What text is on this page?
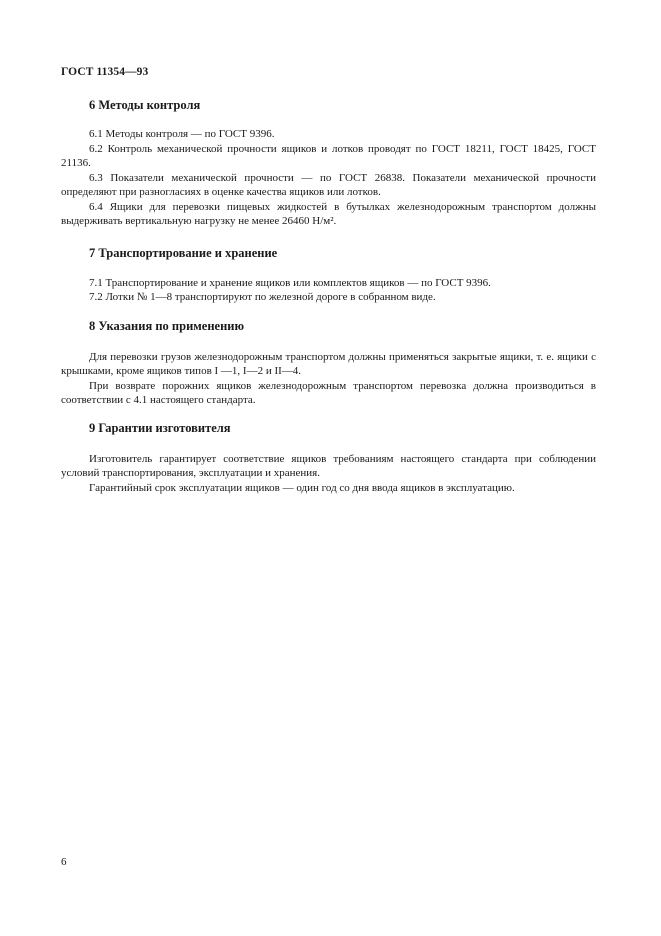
ГОСТ 11354—93
6 Методы контроля

6.1 Методы контроля — по ГОСТ 9396.

6.2 Контроль механической прочности ящиков и лотков проводят по ГОСТ 18211, ГОСТ 18425, ГОСТ 21136.

6.3 Показатели механической прочности — по ГОСТ 26838. Показатели механической прочности определяют при разногласиях в оценке качества ящиков или лотков.

6.4 Ящики для перевозки пищевых жидкостей в бутылках железнодорожным транспортом должны выдерживать вертикальную нагрузку не менее 26460 Н/м².

7 Транспортирование и хранение

7.1 Транспортирование и хранение ящиков или комплектов ящиков — по ГОСТ 9396.

7.2 Лотки № 1—8 транспортируют по железной дороге в собранном виде.

8 Указания по применению

Для перевозки грузов железнодорожным транспортом должны применяться закрытые ящики, т. е. ящики с крышками, кроме ящиков типов I —1, I—2 и II—4.

При возврате порожних ящиков железнодорожным транспортом перевозка должна производиться в соответствии с 4.1 настоящего стандарта.

9 Гарантии изготовителя

Изготовитель гарантирует соответствие ящиков требованиям настоящего стандарта при соблюдении условий транспортирования, эксплуатации и хранения.

Гарантийный срок эксплуатации ящиков — один год со дня ввода ящиков в эксплуатацию.

6
